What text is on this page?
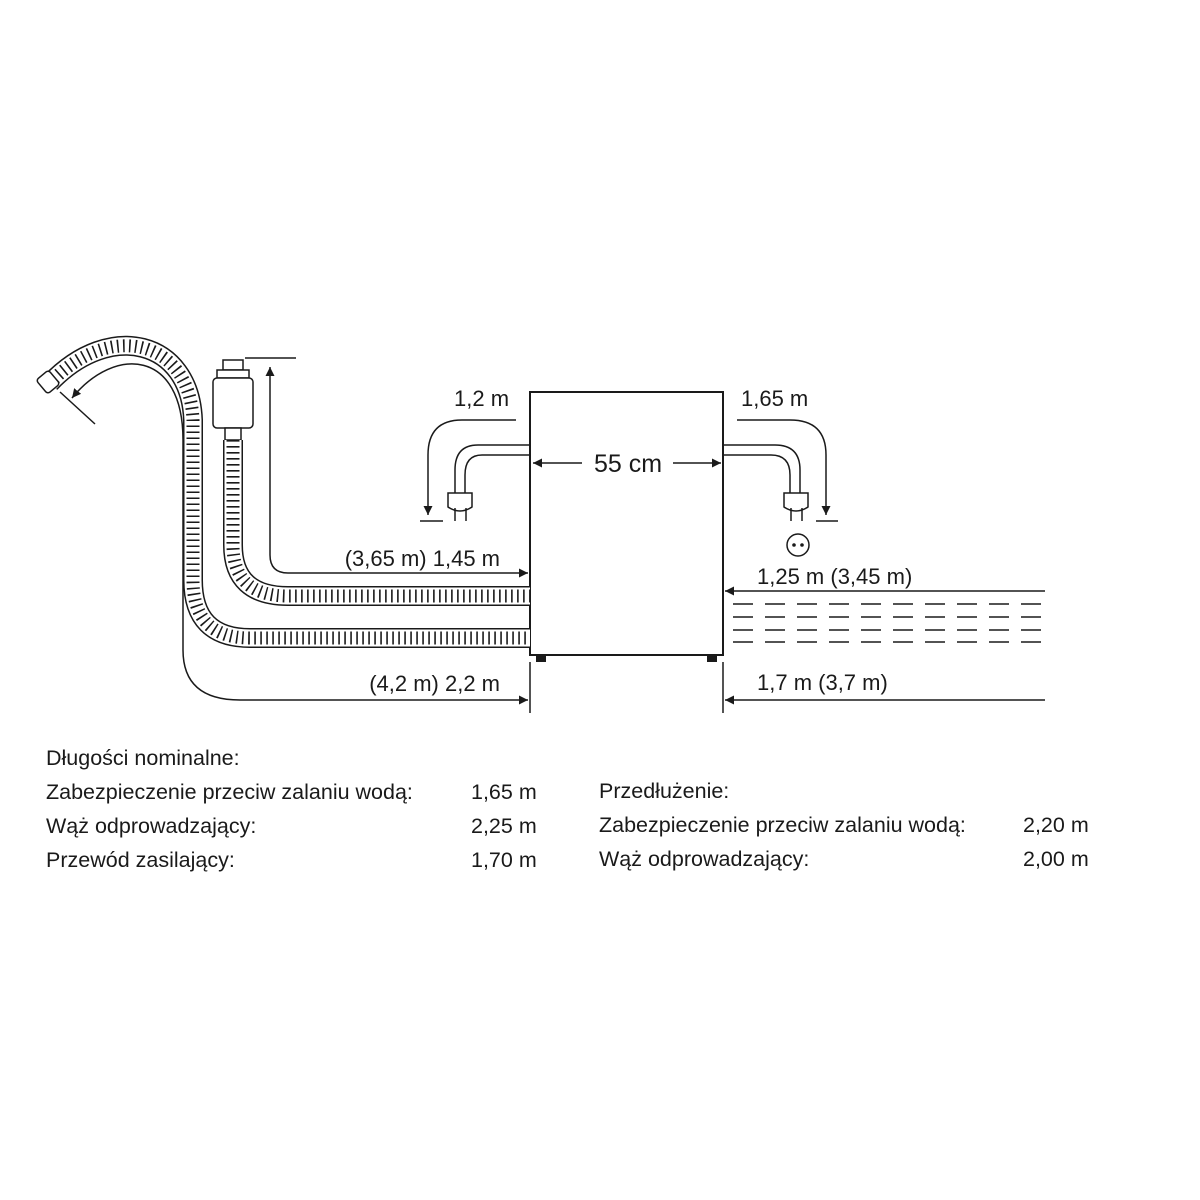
55 cm
1,2 m	1,65 m
(3,65 m) 1,45 m
(4,2 m) 2,2 m
1,25 m (3,45 m)
1,7 m (3,7 m)
Długości nominalne:
Zabezpieczenie przeciw zalaniu wodą:	1,65 m
Wąż odprowadzający:	2,25 m
Przewód zasilający:	1,70 m
Przedłużenie:
Zabezpieczenie przeciw zalaniu wodą:	2,20 m
Wąż odprowadzający:	2,00 m
